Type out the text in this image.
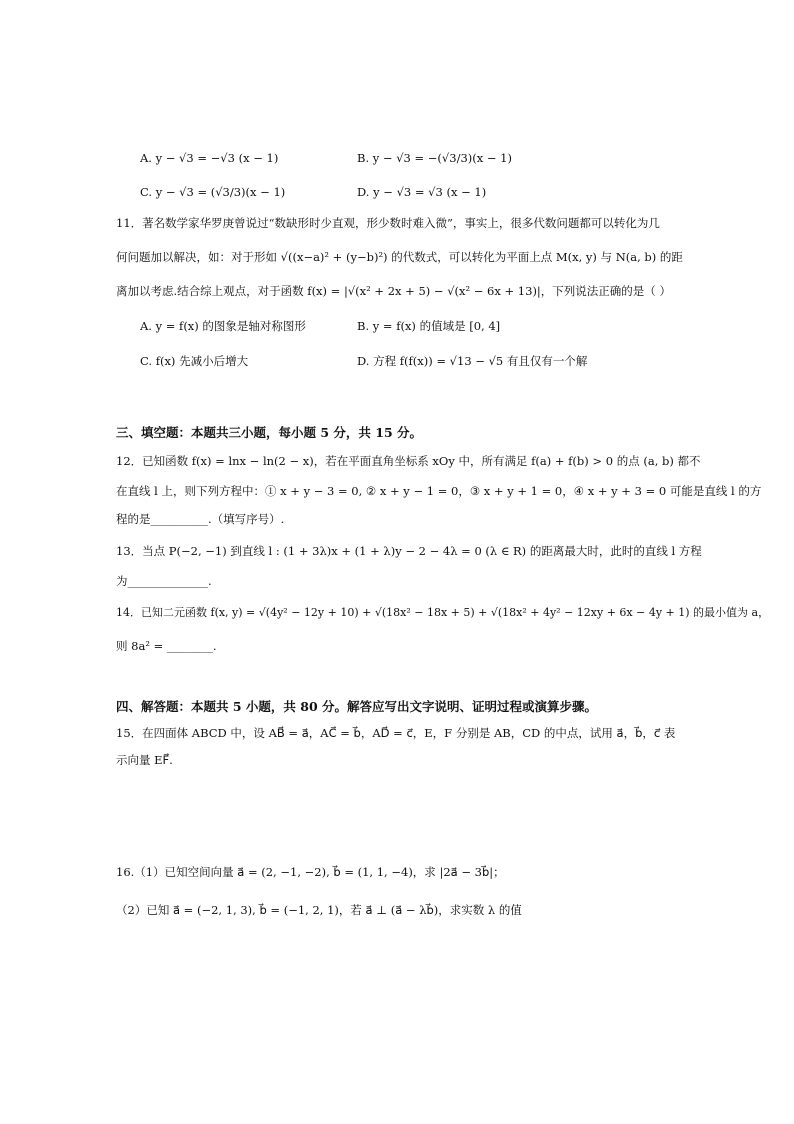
A. y − √3 = −√3 (x − 1)	B. y − √3 = −(√3/3)(x − 1)
C. y − √3 = (√3/3)(x − 1)	D. y − √3 = √3 (x − 1)
11．著名数学家华罗庚曾说过“数缺形时少直观，形少数时难入微”，事实上，很多代数问题都可以转化为几
何问题加以解决，如：对于形如 √((x−a)² + (y−b)²) 的代数式，可以转化为平面上点 M(x, y) 与 N(a, b) 的距
离加以考虑.结合综上观点，对于函数 f(x) = |√(x² + 2x + 5) − √(x² − 6x + 13)|，下列说法正确的是（ ）
A. y = f(x) 的图象是轴对称图形	B. y = f(x) 的值域是 [0, 4]
C. f(x) 先减小后增大	D. 方程 f(f(x)) = √13 − √5 有且仅有一个解
三、填空题：本题共三小题，每小题 5 分，共 15 分。
12．已知函数 f(x) = lnx − ln(2 − x)，若在平面直角坐标系 xOy 中，所有满足 f(a) + f(b) > 0 的点 (a, b) 都不
在直线 l 上，则下列方程中：① x + y − 3 = 0, ② x + y − 1 = 0，③ x + y + 1 = 0，④ x + y + 3 = 0 可能是直线 l 的方
程的是__________.（填写序号）.
13．当点 P(−2, −1) 到直线 l : (1 + 3λ)x + (1 + λ)y − 2 − 4λ = 0 (λ ∈ R) 的距离最大时，此时的直线 l 方程
为______________.
14．已知二元函数 f(x, y) = √(4y² − 12y + 10) + √(18x² − 18x + 5) + √(18x² + 4y² − 12xy + 6x − 4y + 1) 的最小值为 a，
则 8a² = ________.
四、解答题：本题共 5 小题，共 80 分。解答应写出文字说明、证明过程或演算步骤。
15．在四面体 ABCD 中，设 AB⃗ = a⃗，AC⃗ = b⃗，AD⃗ = c⃗，E，F 分别是 AB，CD 的中点，试用 a⃗，b⃗，c⃗ 表
示向量 EF⃗.
16.（1）已知空间向量 a⃗ = (2, −1, −2), b⃗ = (1, 1, −4)，求 |2a⃗ − 3b⃗|；
（2）已知 a⃗ = (−2, 1, 3), b⃗ = (−1, 2, 1)，若 a⃗ ⊥ (a⃗ − λb⃗)，求实数 λ 的值
